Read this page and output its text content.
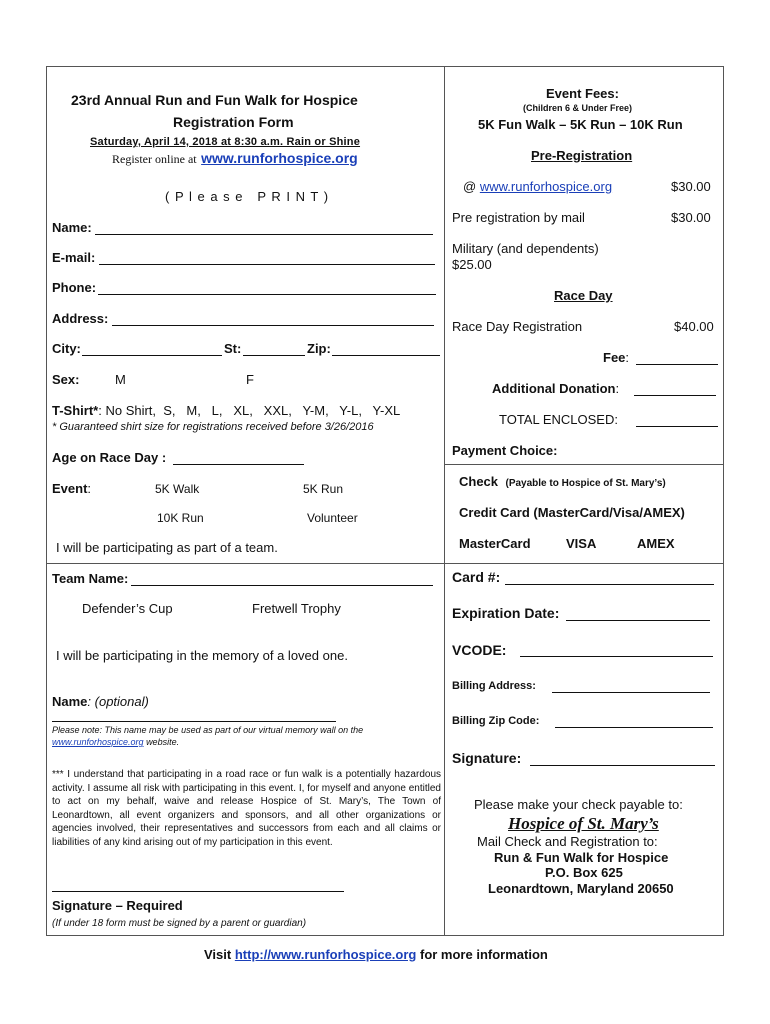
23rd Annual Run and Fun Walk for Hospice
Registration Form
Saturday, April 14, 2018 at 8:30 a.m. Rain or Shine
Register online at www.runforhospice.org
( P l e a s e   P R I N T )
Name:
E-mail:
Phone:
Address:
City:	St:	Zip:
Sex:	M	F
T-Shirt*: No Shirt,  S,   M,   L,   XL,   XXL,   Y-M,   Y-L,   Y-XL
* Guaranteed shirt size for registrations received before 3/26/2016
Age on Race Day :
Event:	5K Walk	5K Run
10K Run	Volunteer
I will be participating as part of a team.
Team Name:
Defender’s Cup	Fretwell Trophy
I will be participating in the memory of a loved one.
Name: (optional)
Please note: This name may be used as part of our virtual memory wall on the
www.runforhospice.org website.
*** I understand that participating in a road race or fun walk is a potentially hazardous activity. I assume all risk with participating in this event. I, for myself and anyone entitled to act on my behalf, waive and release Hospice of St. Mary’s, The Town of Leonardtown, all event organizers and sponsors, and all other organizations or agencies involved, their representatives and successors from each and all claims or liabilities of any kind arising out of my participation in this event.
Signature – Required
(If under 18 form must be signed by a parent or guardian)
Event Fees:
(Children 6 & Under Free)
5K Fun Walk – 5K Run – 10K Run
Pre-Registration
@ www.runforhospice.org	$30.00
Pre registration by mail	$30.00
Military (and dependents)
$25.00
Race Day
Race Day Registration	$40.00
Fee:
Additional Donation:
TOTAL ENCLOSED:
Payment Choice:
Check (Payable to Hospice of St. Mary’s)
Credit Card (MasterCard/Visa/AMEX)
MasterCard	VISA	AMEX
Card #:
Expiration Date:
VCODE:
Billing Address:
Billing Zip Code:
Signature:
Please make your check payable to:
Hospice of St. Mary’s
Mail Check and Registration to:
Run & Fun Walk for Hospice
P.O. Box 625
Leonardtown, Maryland 20650
Visit http://www.runforhospice.org for more information
